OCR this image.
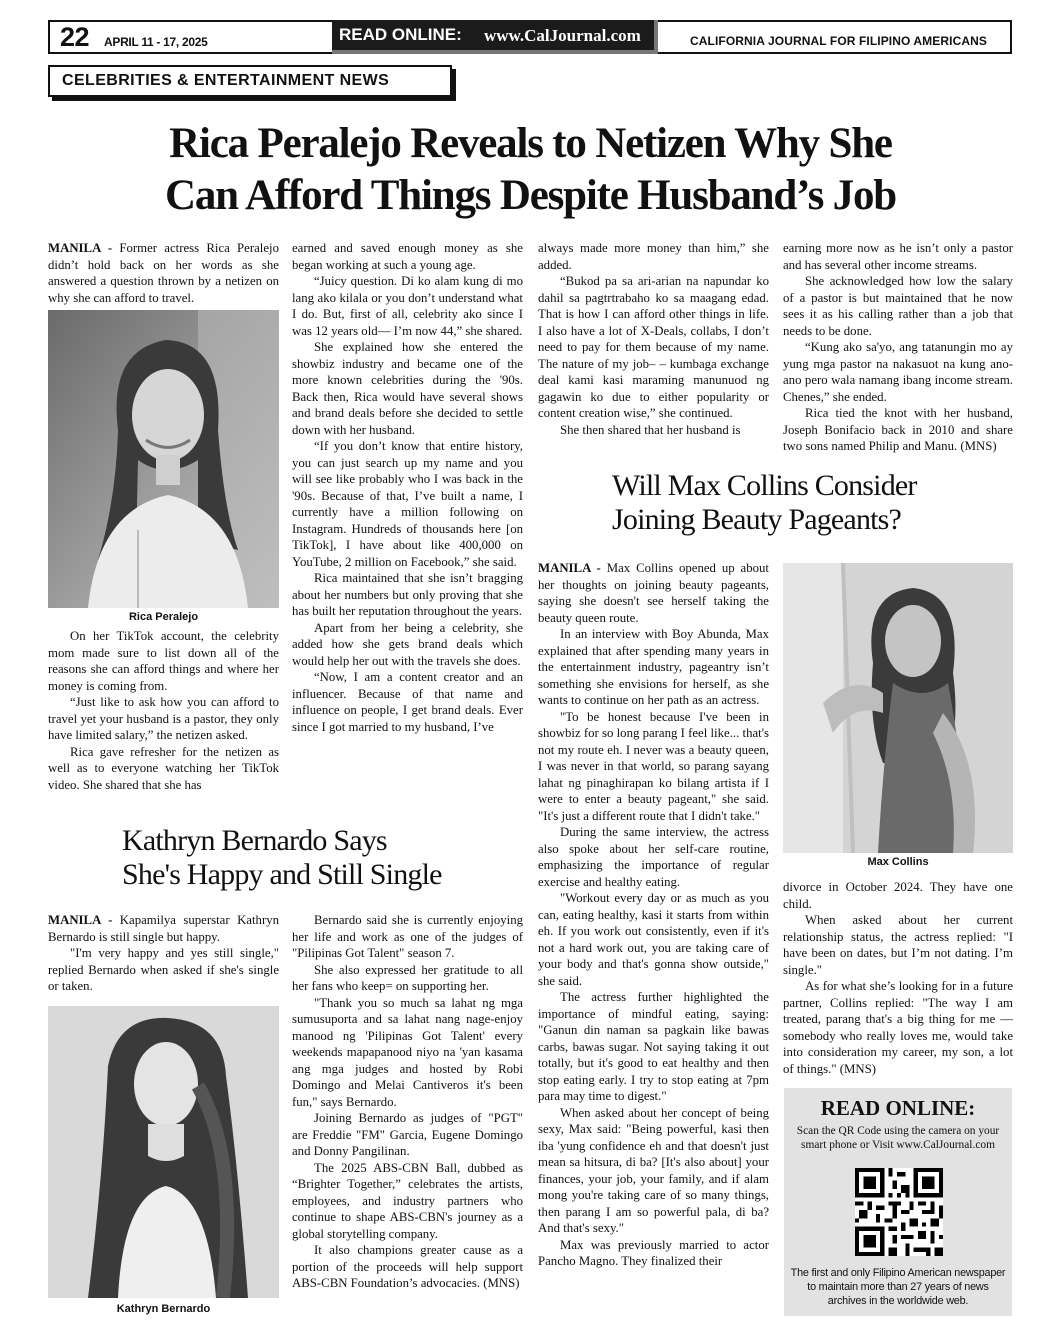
22 APRIL 11 - 17, 2025	READ ONLINE: www.CalJournal.com	CALIFORNIA JOURNAL FOR FILIPINO AMERICANS
CELEBRITIES & ENTERTAINMENT NEWS
Rica Peralejo Reveals to Netizen Why She
Can Afford Things Despite Husband’s Job

MANILA - Former actress Rica Peralejo didn’t hold back on her words as she answered a question thrown by a netizen on why she can afford to travel.

Rica Peralejo

On her TikTok account, the celebrity mom made sure to list down all of the reasons she can afford things and where her money is coming from.

“Just like to ask how you can afford to travel yet your husband is a pastor, they only have limited salary,” the netizen asked.

Rica gave refresher for the netizen as well as to everyone watching her TikTok video. She shared that she has

earned and saved enough money as she began working at such a young age.

“Juicy question. Di ko alam kung di mo lang ako kilala or you don’t understand what I do. But, first of all, celebrity ako since I was 12 years old— I’m now 44,” she shared.

She explained how she entered the showbiz industry and became one of the more known celebrities during the '90s. Back then, Rica would have several shows and brand deals before she decided to settle down with her husband.

“If you don’t know that entire history, you can just search up my name and you will see like probably who I was back in the '90s. Because of that, I’ve built a name, I currently have a million following on Instagram. Hundreds of thousands here [on TikTok], I have about like 400,000 on YouTube, 2 million on Facebook,” she said.

Rica maintained that she isn’t bragging about her numbers but only proving that she has built her reputation throughout the years.

Apart from her being a celebrity, she added how she gets brand deals which would help her out with the travels she does.

“Now, I am a content creator and an influencer. Because of that name and influence on people, I get brand deals. Ever since I got married to my husband, I’ve

always made more money than him,” she added.

“Bukod pa sa ari-arian na napundar ko dahil sa pagtrtrabaho ko sa maagang edad. That is how I can afford other things in life. I also have a lot of X-Deals, collabs, I don’t need to pay for them because of my name. The nature of my job– – kumbaga exchange deal kami kasi maraming manunuod ng gagawin ko due to either popularity or content creation wise,” she continued.

She then shared that her husband is

earning more now as he isn’t only a pastor and has several other income streams.

She acknowledged how low the salary of a pastor is but maintained that he now sees it as his calling rather than a job that needs to be done.

“Kung ako sa'yo, ang tatanungin mo ay yung mga pastor na nakasuot na kung ano-ano pero wala namang ibang income stream. Chenes,” she ended.

Rica tied the knot with her husband, Joseph Bonifacio back in 2010 and share two sons named Philip and Manu. (MNS)

Will Max Collins Consider
Joining Beauty Pageants?

MANILA - Max Collins opened up about her thoughts on joining beauty pageants, saying she doesn't see herself taking the beauty queen route.

In an interview with Boy Abunda, Max explained that after spending many years in the entertainment industry, pageantry isn’t something she envisions for herself, as she wants to continue on her path as an actress.

"To be honest because I've been in showbiz for so long parang I feel like... that's not my route eh. I never was a beauty queen, I was never in that world, so parang sayang lahat ng pinaghirapan ko bilang artista if I were to enter a beauty pageant," she said. "It's just a different route that I didn't take."

During the same interview, the actress also spoke about her self-care routine, emphasizing the importance of regular exercise and healthy eating.

"Workout every day or as much as you can, eating healthy, kasi it starts from within eh. If you work out consistently, even if it's not a hard work out, you are taking care of your body and that's gonna show outside," she said.

The actress further highlighted the importance of mindful eating, saying: "Ganun din naman sa pagkain like bawas carbs, bawas sugar. Not saying taking it out totally, but it's good to eat healthy and then stop eating early. I try to stop eating at 7pm para may time to digest."

When asked about her concept of being sexy, Max said: "Being powerful, kasi then iba 'yung confidence eh and that doesn't just mean sa hitsura, di ba? [It's also about] your finances, your job, your family, and if alam mong you're taking care of so many things, then parang I am so powerful pala, di ba? And that's sexy."

Max was previously married to actor Pancho Magno. They finalized their

Max Collins

divorce in October 2024. They have one child.

When asked about her current relationship status, the actress replied: "I have been on dates, but I’m not dating. I’m single."

As for what she’s looking for in a future partner, Collins replied: "The way I am treated, parang that's a big thing for me — somebody who really loves me, would take into consideration my career, my son, a lot of things." (MNS)

Kathryn Bernardo Says
She's Happy and Still Single

MANILA - Kapamilya superstar Kathryn Bernardo is still single but happy.

"I'm very happy and yes still single," replied Bernardo when asked if she's single or taken.

Kathryn Bernardo

Bernardo said she is currently enjoying her life and work as one of the judges of "Pilipinas Got Talent" season 7.

She also expressed her gratitude to all her fans who keep= on supporting her.

"Thank you so much sa lahat ng mga sumusuporta and sa lahat nang nage-enjoy manood ng 'Pilipinas Got Talent' every weekends mapapanood niyo na 'yan kasama ang mga judges and hosted by Robi Domingo and Melai Cantiveros it's been fun," says Bernardo.

Joining Bernardo as judges of "PGT" are Freddie "FM" Garcia, Eugene Domingo and Donny Pangilinan.

The 2025 ABS-CBN Ball, dubbed as “Brighter Together,” celebrates the artists, employees, and industry partners who continue to shape ABS-CBN's journey as a global storytelling company.

It also champions greater cause as a portion of the proceeds will help support ABS-CBN Foundation’s advocacies. (MNS)

READ ONLINE:
Scan the QR Code using the camera on your smart phone or Visit www.CalJournal.com
The first and only Filipino American newspaper to maintain more than 27 years of news archives in the worldwide web.
